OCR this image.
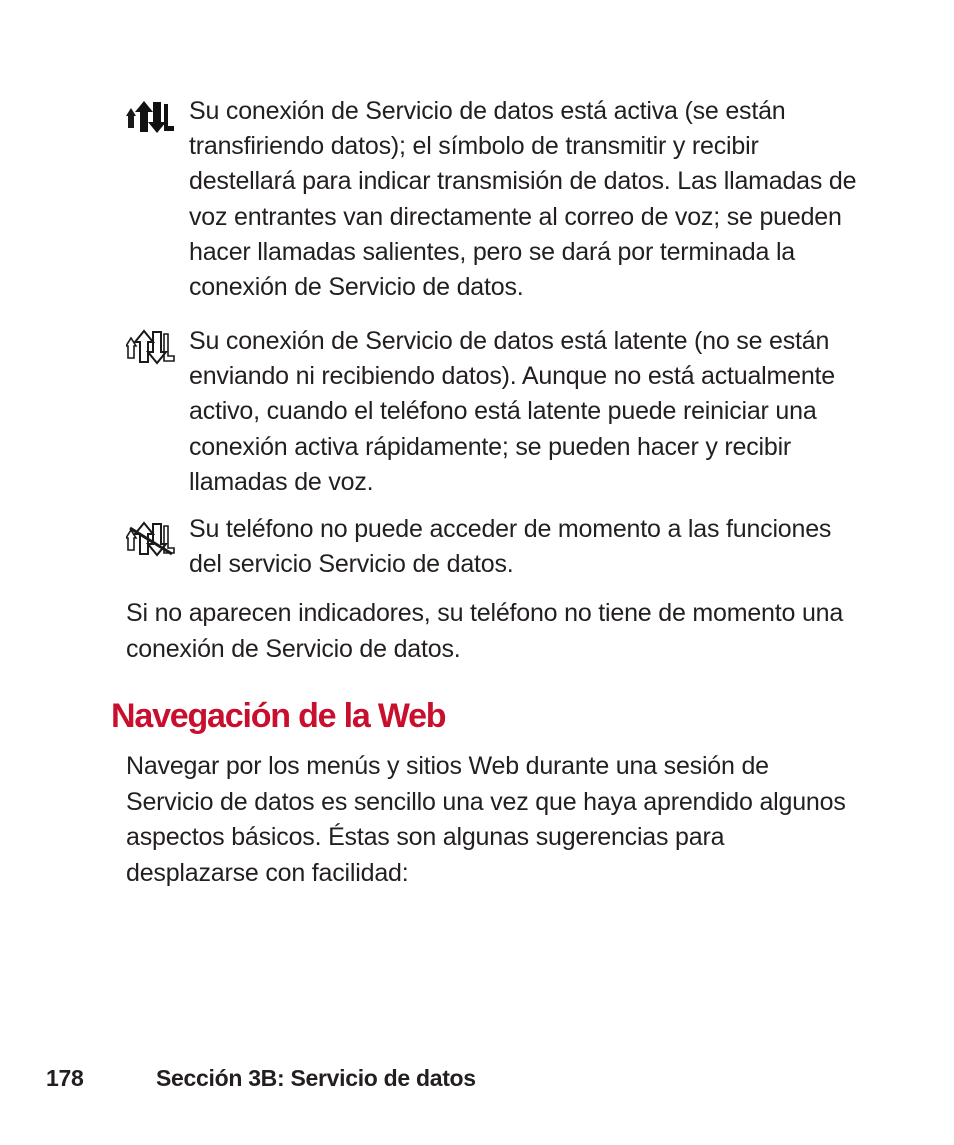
Su conexión de Servicio de datos está activa (se están transfiriendo datos); el símbolo de transmitir y recibir destellará para indicar transmisión de datos. Las llamadas de voz entrantes van directamente al correo de voz; se pueden hacer llamadas salientes, pero se dará por terminada la conexión de Servicio de datos.

Su conexión de Servicio de datos está latente (no se están enviando ni recibiendo datos). Aunque no está actualmente activo, cuando el teléfono está latente puede reiniciar una conexión activa rápidamente; se pueden hacer y recibir llamadas de voz.

Su teléfono no puede acceder de momento a las funciones del servicio Servicio de datos.

Si no aparecen indicadores, su teléfono no tiene de momento una conexión de Servicio de datos.

Navegación de la Web

Navegar por los menús y sitios Web durante una sesión de Servicio de datos es sencillo una vez que haya aprendido algunos aspectos básicos. Éstas son algunas sugerencias para desplazarse con facilidad:

178	Sección 3B: Servicio de datos
